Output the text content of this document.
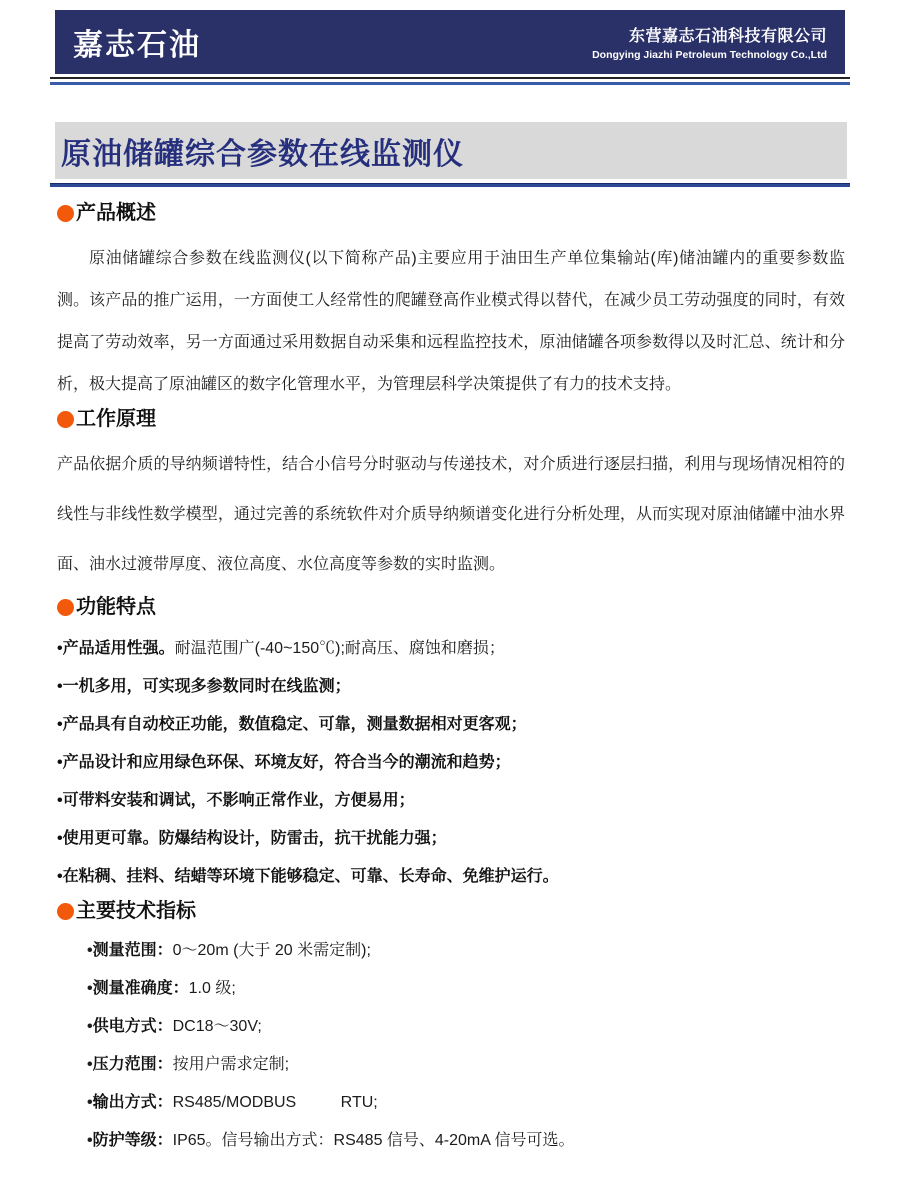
嘉志石油	东营嘉志石油科技有限公司
Dongying Jiazhi Petroleum Technology Co.,Ltd
原油储罐综合参数在线监测仪
产品概述

原油储罐综合参数在线监测仪(以下简称产品)主要应用于油田生产单位集输站(库)储油罐内的重要参数监测。该产品的推广运用，一方面使工人经常性的爬罐登高作业模式得以替代，在减少员工劳动强度的同时，有效提高了劳动效率，另一方面通过采用数据自动采集和远程监控技术，原油储罐各项参数得以及时汇总、统计和分析，极大提高了原油罐区的数字化管理水平，为管理层科学决策提供了有力的技术支持。

工作原理

产品依据介质的导纳频谱特性，结合小信号分时驱动与传递技术，对介质进行逐层扫描，利用与现场情况相符的线性与非线性数学模型，通过完善的系统软件对介质导纳频谱变化进行分析处理，从而实现对原油储罐中油水界面、油水过渡带厚度、液位高度、水位高度等参数的实时监测。

功能特点
•产品适用性强。耐温范围广(-40~150℃);耐高压、腐蚀和磨损；
•一机多用，可实现多参数同时在线监测；
•产品具有自动校正功能，数值稳定、可靠，测量数据相对更客观；
•产品设计和应用绿色环保、环境友好，符合当今的潮流和趋势；
•可带料安装和调试，不影响正常作业，方便易用；
•使用更可靠。防爆结构设计，防雷击，抗干扰能力强；
•在粘稠、挂料、结蜡等环境下能够稳定、可靠、长寿命、免维护运行。
主要技术指标
•测量范围：0～20m (大于 20 米需定制);
•测量准确度：1.0 级;
•供电方式：DC18～30V;
•压力范围：按用户需求定制;
•输出方式：RS485/MODBUS          RTU;
•防护等级：IP65。信号输出方式：RS485 信号、4-20mA 信号可选。
